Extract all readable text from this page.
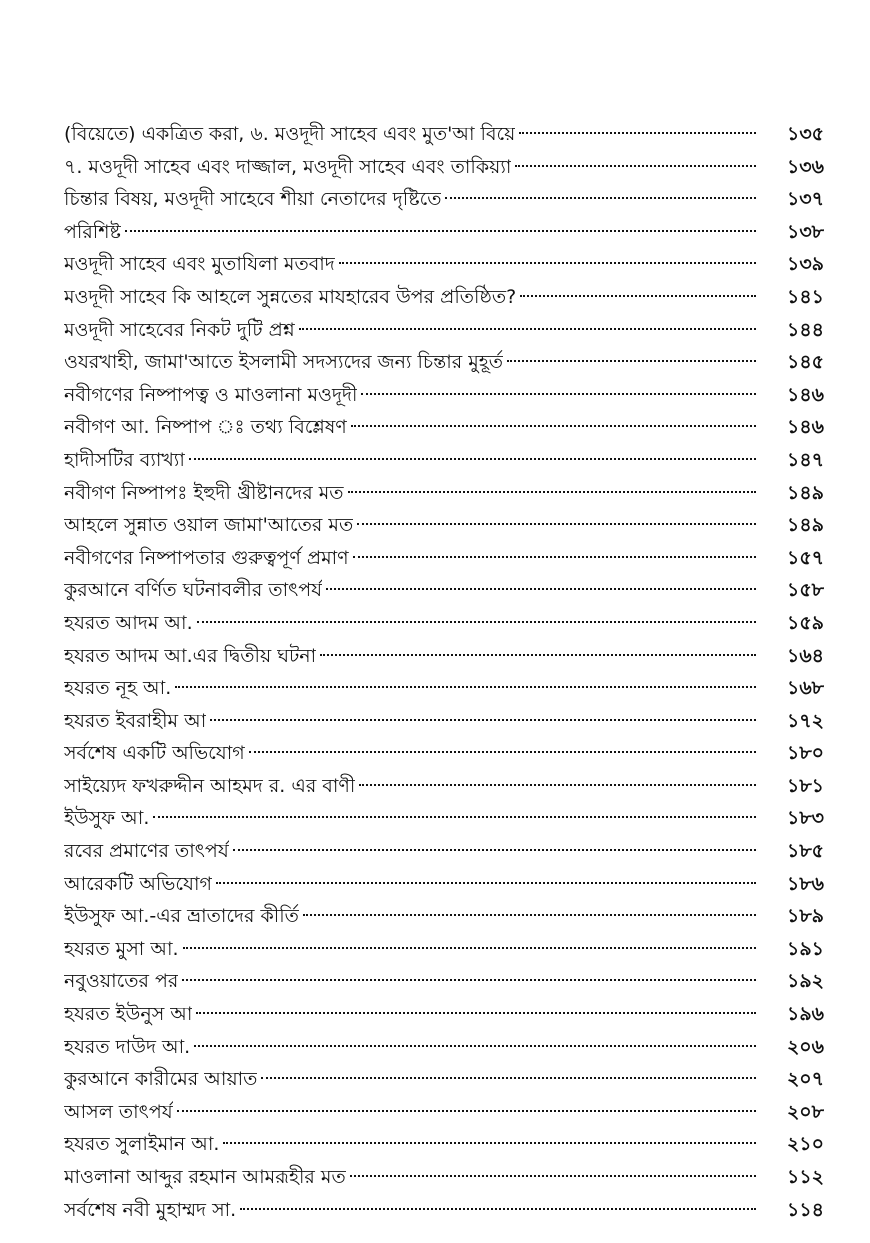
(বিয়েতে) একত্রিত করা, ৬. মওদূদী সাহেব এবং মুত'আ বিয়ে	১৩৫
৭. মওদূদী সাহেব এবং দাজ্জাল, মওদূদী সাহেব এবং তাকিয়্যা	১৩৬
চিন্তার বিষয়, মওদূদী সাহেবে শীয়া নেতাদের দৃষ্টিতে	১৩৭
পরিশিষ্ট	১৩৮
মওদূদী সাহেব এবং মুতাযিলা মতবাদ	১৩৯
মওদূদী সাহেব কি আহলে সুন্নতের মাযহারেব উপর প্রতিষ্ঠিত?	১৪১
মওদূদী সাহেবের নিকট দুটি প্রশ্ন	১৪৪
ওযরখাহী, জামা'আতে ইসলামী সদস্যদের জন্য চিন্তার মুহূর্ত	১৪৫
নবীগণের নিষ্পাপত্ব ও মাওলানা মওদূদী	১৪৬
নবীগণ আ. নিষ্পাপ ঃ তথ্য বিশ্লেষণ	১৪৬
হাদীসটির ব্যাখ্যা	১৪৭
নবীগণ নিষ্পাপঃ ইহুদী খ্রীষ্টানদের মত	১৪৯
আহলে সুন্নাত ওয়াল জামা'আতের মত	১৪৯
নবীগণের নিষ্পাপতার গুরুত্বপূর্ণ প্রমাণ	১৫৭
কুরআনে বর্ণিত ঘটনাবলীর তাৎপর্য	১৫৮
হযরত আদম আ.	১৫৯
হযরত আদম আ.এর দ্বিতীয় ঘটনা	১৬৪
হযরত নূহ আ.	১৬৮
হযরত ইবরাহীম আ	১৭২
সর্বশেষ একটি অভিযোগ	১৮০
সাইয়্যেদ ফখরুদ্দীন আহমদ র. এর বাণী	১৮১
ইউসুফ আ.	১৮৩
রবের প্রমাণের তাৎপর্য	১৮৫
আরেকটি অভিযোগ	১৮৬
ইউসুফ আ.-এর ভ্রাতাদের কীর্তি	১৮৯
হযরত মুসা আ.	১৯১
নবুওয়াতের পর	১৯২
হযরত ইউনুস আ	১৯৬
হযরত দাউদ আ.	২০৬
কুরআনে কারীমের আয়াত	২০৭
আসল তাৎপর্য	২০৮
হযরত সুলাইমান আ.	২১০
মাওলানা আব্দুর রহমান আমরূহীর মত	১১২
সর্বশেষ নবী মুহাম্মদ সা.	১১৪
